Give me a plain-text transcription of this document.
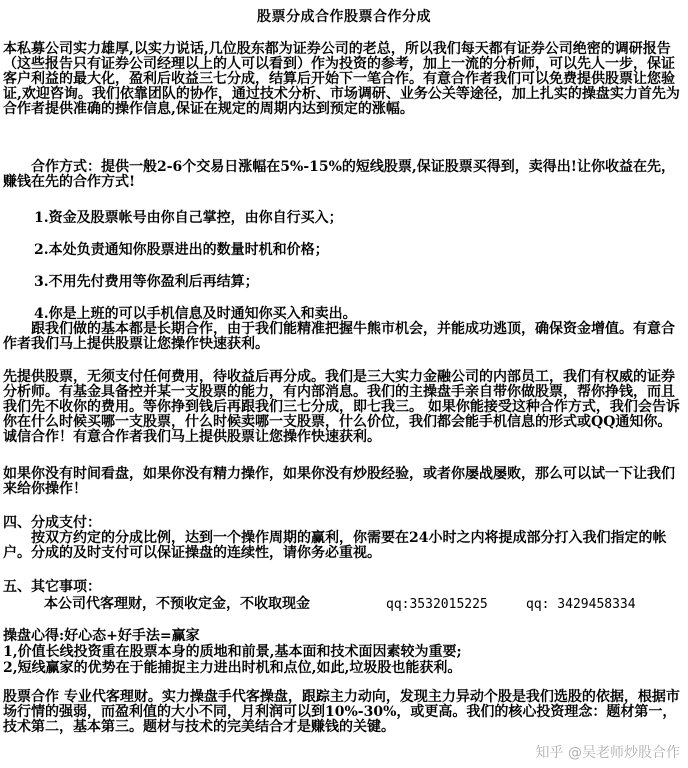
股票分成合作股票合作分成
本私募公司实力雄厚,以实力说话,几位股东都为证券公司的老总，所以我们每天都有证券公司绝密的调研报告（这些报告只有证券公司经理以上的人可以看到）作为投资的参考，加上一流的分析师，可以先人一步，保证客户利益的最大化，盈利后收益三七分成，结算后开始下一笔合作。有意合作者我们可以免费提供股票让您验证,欢迎咨询。我们依靠团队的协作，通过技术分析、市场调研、业务公关等途径，加上扎实的操盘实力首先为合作者提供准确的操作信息,保证在规定的周期内达到预定的涨幅。
合作方式：提供一般2-6个交易日涨幅在5%-15%的短线股票,保证股票买得到，卖得出!让你收益在先，赚钱在先的合作方式!
1.资金及股票帐号由你自己掌控，由你自行买入；
2.本处负责通知你股票进出的数量时机和价格；
3.不用先付费用等你盈利后再结算；
4.你是上班的可以手机信息及时通知你买入和卖出。
跟我们做的基本都是长期合作，由于我们能精准把握牛熊市机会，并能成功逃顶，确保资金增值。有意合作者我们马上提供股票让您操作快速获利。
先提供股票，无须支付任何费用，待收益后再分成。我们是三大实力金融公司的内部员工，我们有权威的证券分析师。有基金具备控并某一支股票的能力，有内部消息。我们的主操盘手亲自带你做股票，帮你挣钱，而且我们先不收你的费用。等你挣到钱后再跟我们三七分成，即七我三。 如果你能接受这种合作方式，我们会告诉你在什么时候买哪一支股票，什么时候卖哪一支股票，什么价位，我们都会能手机信息的形式或QQ通知你。诚信合作！有意合作者我们马上提供股票让您操作快速获利。
如果你没有时间看盘，如果你没有精力操作，如果你没有炒股经验，或者你屡战屡败，那么可以试一下让我们来给你操作！
四、分成支付：
按双方约定的分成比例，达到一个操作周期的赢利，你需要在24小时之内将提成部分打入我们指定的帐户。分成的及时支付可以保证操盘的连续性，请你务必重视。
五、其它事项：
本公司代客理财，不预收定金，不收取现金	qq:3532015225	qq: 3429458334
操盘心得:好心态+好手法=赢家
1,价值长线投资重在股票本身的质地和前景,基本面和技术面因素较为重要;
2,短线赢家的优势在于能捕捉主力进出时机和点位,如此,垃圾股也能获利。
股票合作 专业代客理财。实力操盘手代客操盘，跟踪主力动向，发现主力异动个股是我们选股的依据，根据市场行情的强弱，而盈利值的大小不同，月利润可以到10%-30%，或更高。我们的核心投资理念：题材第一，技术第二，基本第三。题材与技术的完美结合才是赚钱的关键。
知乎 @吴老师炒股合作
